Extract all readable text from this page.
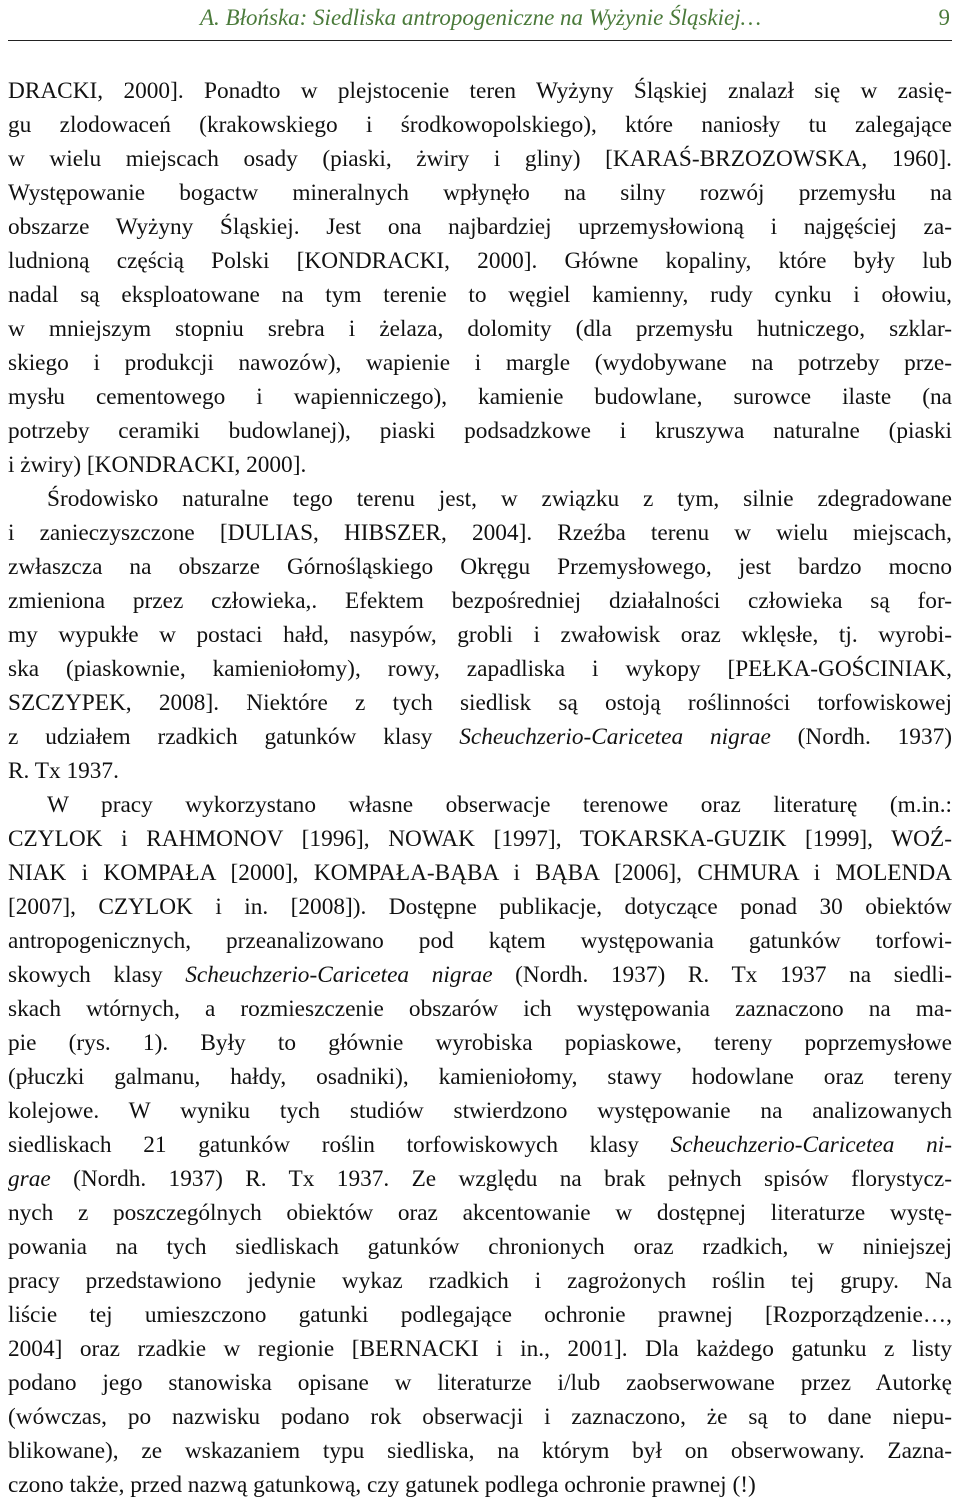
A. Błońska: Siedliska antropogeniczne na Wyżynie Śląskiej…	9
DRACKI, 2000]. Ponadto w plejstocenie teren Wyżyny Śląskiej znalazł się w zasię-
gu zlodowaceń (krakowskiego i środkowopolskiego), które naniosły tu zalegające
w wielu miejscach osady (piaski, żwiry i gliny) [KARAŚ-BRZOZOWSKA, 1960].
Występowanie bogactw mineralnych wpłynęło na silny rozwój przemysłu na
obszarze Wyżyny Śląskiej. Jest ona najbardziej uprzemysłowioną i najgęściej za-
ludnioną częścią Polski [KONDRACKI, 2000]. Główne kopaliny, które były lub
nadal są eksploatowane na tym terenie to węgiel kamienny, rudy cynku i ołowiu,
w mniejszym stopniu srebra i żelaza, dolomity (dla przemysłu hutniczego, szklar-
skiego i produkcji nawozów), wapienie i margle (wydobywane na potrzeby prze-
mysłu cementowego i wapienniczego), kamienie budowlane, surowce ilaste (na
potrzeby ceramiki budowlanej), piaski podsadzkowe i kruszywa naturalne (piaski
i żwiry) [KONDRACKI, 2000].
Środowisko naturalne tego terenu jest, w związku z tym, silnie zdegradowane
i zanieczyszczone [DULIAS, HIBSZER, 2004]. Rzeźba terenu w wielu miejscach,
zwłaszcza na obszarze Górnośląskiego Okręgu Przemysłowego, jest bardzo mocno
zmieniona przez człowieka,. Efektem bezpośredniej działalności człowieka są for-
my wypukłe w postaci hałd, nasypów, grobli i zwałowisk oraz wklęsłe, tj. wyrobi-
ska (piaskownie, kamieniołomy), rowy, zapadliska i wykopy [PEŁKA-GOŚCINIAK,
SZCZYPEK, 2008]. Niektóre z tych siedlisk są ostoją roślinności torfowiskowej
z udziałem rzadkich gatunków klasy Scheuchzerio-Caricetea nigrae (Nordh. 1937)
R. Tx 1937.
W pracy wykorzystano własne obserwacje terenowe oraz literaturę (m.in.:
CZYLOK i RAHMONOV [1996], NOWAK [1997], TOKARSKA-GUZIK [1999], WOŹ-
NIAK i KOMPAŁA [2000], KOMPAŁA-BĄBA i BĄBA [2006], CHMURA i MOLENDA
[2007], CZYLOK i in. [2008]). Dostępne publikacje, dotyczące ponad 30 obiektów
antropogenicznych, przeanalizowano pod kątem występowania gatunków torfowi-
skowych klasy Scheuchzerio-Caricetea nigrae (Nordh. 1937) R. Tx 1937 na siedli-
skach wtórnych, a rozmieszczenie obszarów ich występowania zaznaczono na ma-
pie (rys. 1). Były to głównie wyrobiska popiaskowe, tereny poprzemysłowe
(płuczki galmanu, hałdy, osadniki), kamieniołomy, stawy hodowlane oraz tereny
kolejowe. W wyniku tych studiów stwierdzono występowanie na analizowanych
siedliskach 21 gatunków roślin torfowiskowych klasy Scheuchzerio-Caricetea ni-
grae (Nordh. 1937) R. Tx 1937. Ze względu na brak pełnych spisów florystycz-
nych z poszczególnych obiektów oraz akcentowanie w dostępnej literaturze wystę-
powania na tych siedliskach gatunków chronionych oraz rzadkich, w niniejszej
pracy przedstawiono jedynie wykaz rzadkich i zagrożonych roślin tej grupy. Na
liście tej umieszczono gatunki podlegające ochronie prawnej [Rozporządzenie…,
2004] oraz rzadkie w regionie [BERNACKI i in., 2001]. Dla każdego gatunku z listy
podano jego stanowiska opisane w literaturze i/lub zaobserwowane przez Autorkę
(wówczas, po nazwisku podano rok obserwacji i zaznaczono, że są to dane niepu-
blikowane), ze wskazaniem typu siedliska, na którym był on obserwowany. Zazna-
czono także, przed nazwą gatunkową, czy gatunek podlega ochronie prawnej (!)
